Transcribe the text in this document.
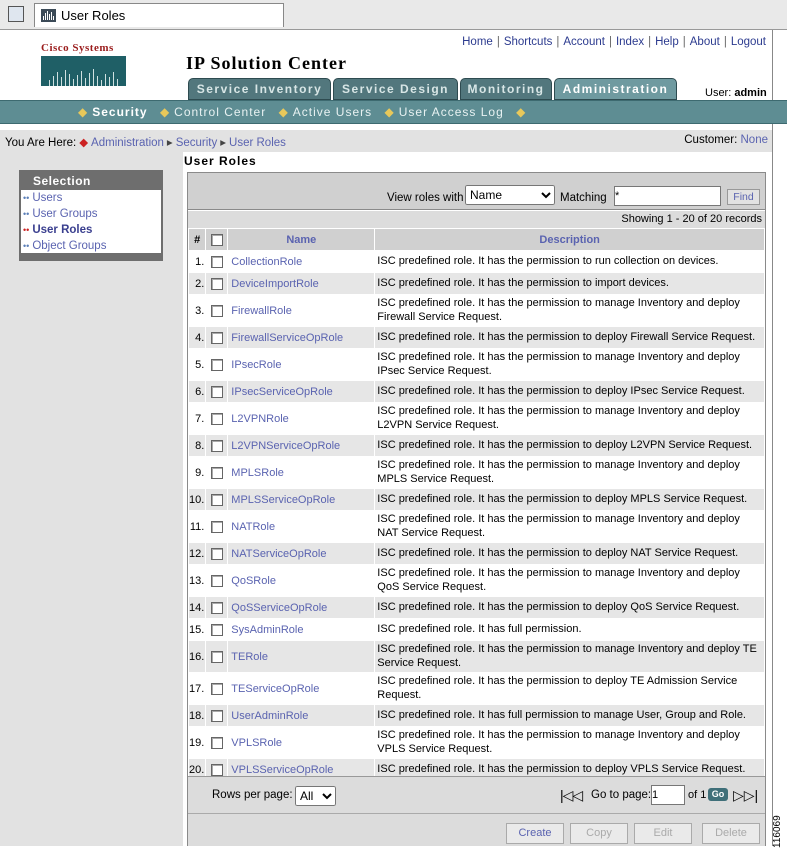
User Roles
Cisco Systems
IP Solution Center
Home | Shortcuts | Account | Index | Help | About | Logout
Service Inventory	Service Design	Monitoring	Administration	User: admin
◆ Security ◆ Control Center ◆ Active Users ◆ User Access Log ◆
You Are Here: ◆ Administration ▸ Security ▸ User Roles	Customer: None
User Roles
Selection
•• Users
•• User Groups
•• User Roles
•• Object Groups
View roles with
Name	Matching
*	Find
Showing 1 - 20 of 20 records
#		Name	Description
1.		CollectionRole	ISC predefined role. It has the permission to run collection on devices.
2.		DeviceImportRole	ISC predefined role. It has the permission to import devices.
3.		FirewallRole	ISC predefined role. It has the permission to manage Inventory and deploy Firewall Service Request.
4.		FirewallServiceOpRole	ISC predefined role. It has the permission to deploy Firewall Service Request.
5.		IPsecRole	ISC predefined role. It has the permission to manage Inventory and deploy IPsec Service Request.
6.		IPsecServiceOpRole	ISC predefined role. It has the permission to deploy IPsec Service Request.
7.		L2VPNRole	ISC predefined role. It has the permission to manage Inventory and deploy L2VPN Service Request.
8.		L2VPNServiceOpRole	ISC predefined role. It has the permission to deploy L2VPN Service Request.
9.		MPLSRole	ISC predefined role. It has the permission to manage Inventory and deploy MPLS Service Request.
10.		MPLSServiceOpRole	ISC predefined role. It has the permission to deploy MPLS Service Request.
11.		NATRole	ISC predefined role. It has the permission to manage Inventory and deploy NAT Service Request.
12.		NATServiceOpRole	ISC predefined role. It has the permission to deploy NAT Service Request.
13.		QoSRole	ISC predefined role. It has the permission to manage Inventory and deploy QoS Service Request.
14.		QoSServiceOpRole	ISC predefined role. It has the permission to deploy QoS Service Request.
15.		SysAdminRole	ISC predefined role. It has full permission.
16.		TERole	ISC predefined role. It has the permission to manage Inventory and deploy TE Service Request.
17.		TEServiceOpRole	ISC predefined role. It has the permission to deploy TE Admission Service Request.
18.		UserAdminRole	ISC predefined role. It has full permission to manage User, Group and Role.
19.		VPLSRole	ISC predefined role. It has the permission to manage Inventory and deploy VPLS Service Request.
20.		VPLSServiceOpRole	ISC predefined role. It has the permission to deploy VPLS Service Request.
Rows per page:
All	|◁◁ Go to page:
1	of 1 Go ▷▷|
Create	Copy	Edit	Delete	116069
